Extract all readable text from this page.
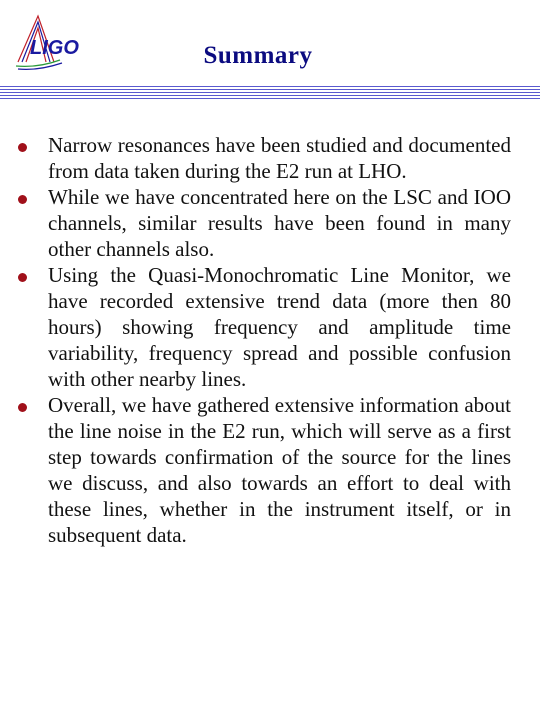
LIGO	Summary
Narrow resonances have been studied and documented from data taken during the E2 run at LHO.
While we have concentrated here on the LSC and IOO channels, similar results have been found in many other channels also.
Using the Quasi-Monochromatic Line Monitor, we have recorded extensive trend data (more then 80 hours) showing frequency and amplitude time variability, frequency spread and possible confusion with other nearby lines.
Overall, we have gathered extensive information about the line noise in the E2 run, which will serve as a first step towards confirmation of the source for the lines we discuss, and also towards an effort to deal with these lines, whether in the instrument itself, or in subsequent data.
